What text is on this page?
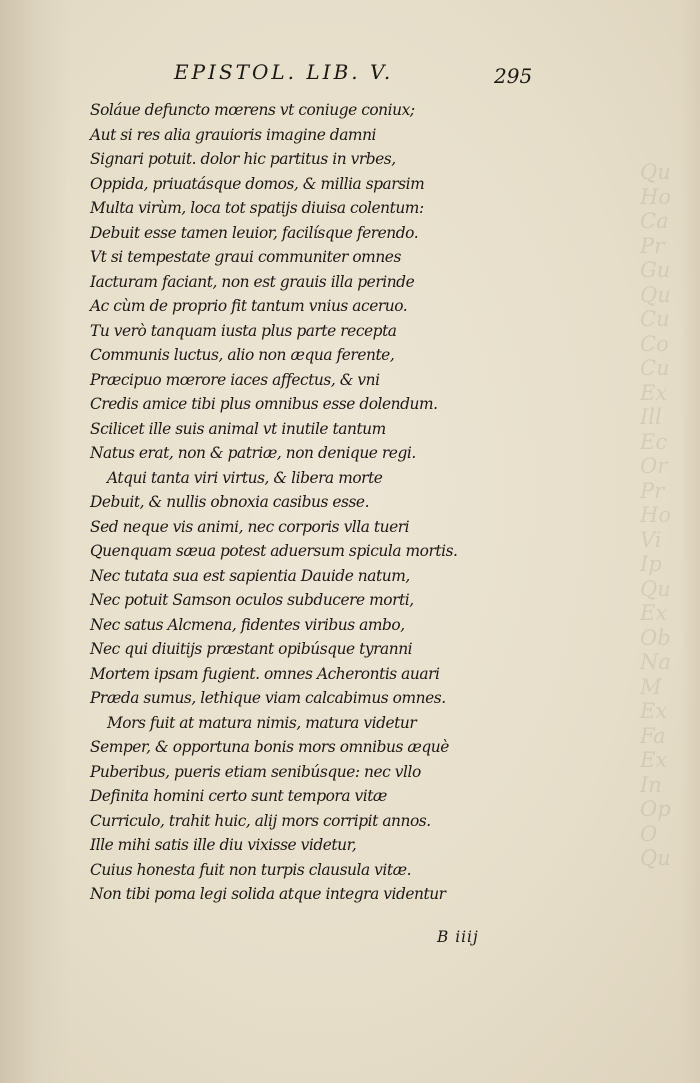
Qu
Ho
Ca
Pr
Gu
Qu
Cu
Co
Cu
Ex
Ill
Ec
Or
Pr
Ho
Vi
Ip
Qu
Ex
Ob
Na
M
Ex
Fa
Ex
In
Op
O
Qu
EPISTOL. LIB. V.	295
Soláue defuncto mœrens vt coniuge coniux;
Aut si res alia grauioris imagine damni
Signari potuit. dolor hic partitus in vrbes,
Oppida, priuatásque domos, & millia sparsim
Multa virùm, loca tot spatijs diuisa colentum:
Debuit esse tamen leuior, facilísque ferendo.
Vt si tempestate graui communiter omnes
Iacturam faciant, non est grauis illa perinde
Ac cùm de proprio fit tantum vnius aceruo.
Tu verò tanquam iusta plus parte recepta
Communis luctus, alio non æqua ferente,
Præcipuo mœrore iaces affectus, & vni
Credis amice tibi plus omnibus esse dolendum.
Scilicet ille suis animal vt inutile tantum
Natus erat, non & patriæ, non denique regi.
Atqui tanta viri virtus, & libera morte
Debuit, & nullis obnoxia casibus esse.
Sed neque vis animi, nec corporis vlla tueri
Quenquam sæua potest aduersum spicula mortis.
Nec tutata sua est sapientia Dauide natum,
Nec potuit Samson oculos subducere morti,
Nec satus Alcmena, fidentes viribus ambo,
Nec qui diuitijs præstant opibúsque tyranni
Mortem ipsam fugient. omnes Acherontis auari
Præda sumus, lethique viam calcabimus omnes.
Mors fuit at matura nimis, matura videtur
Semper, & opportuna bonis mors omnibus æquè
Puberibus, pueris etiam senibúsque: nec vllo
Definita homini certo sunt tempora vitæ
Curriculo, trahit huic, alij mors corripit annos.
Ille mihi satis ille diu vixisse videtur,
Cuius honesta fuit non turpis clausula vitæ.
Non tibi poma legi solida atque integra videntur
B iiij
